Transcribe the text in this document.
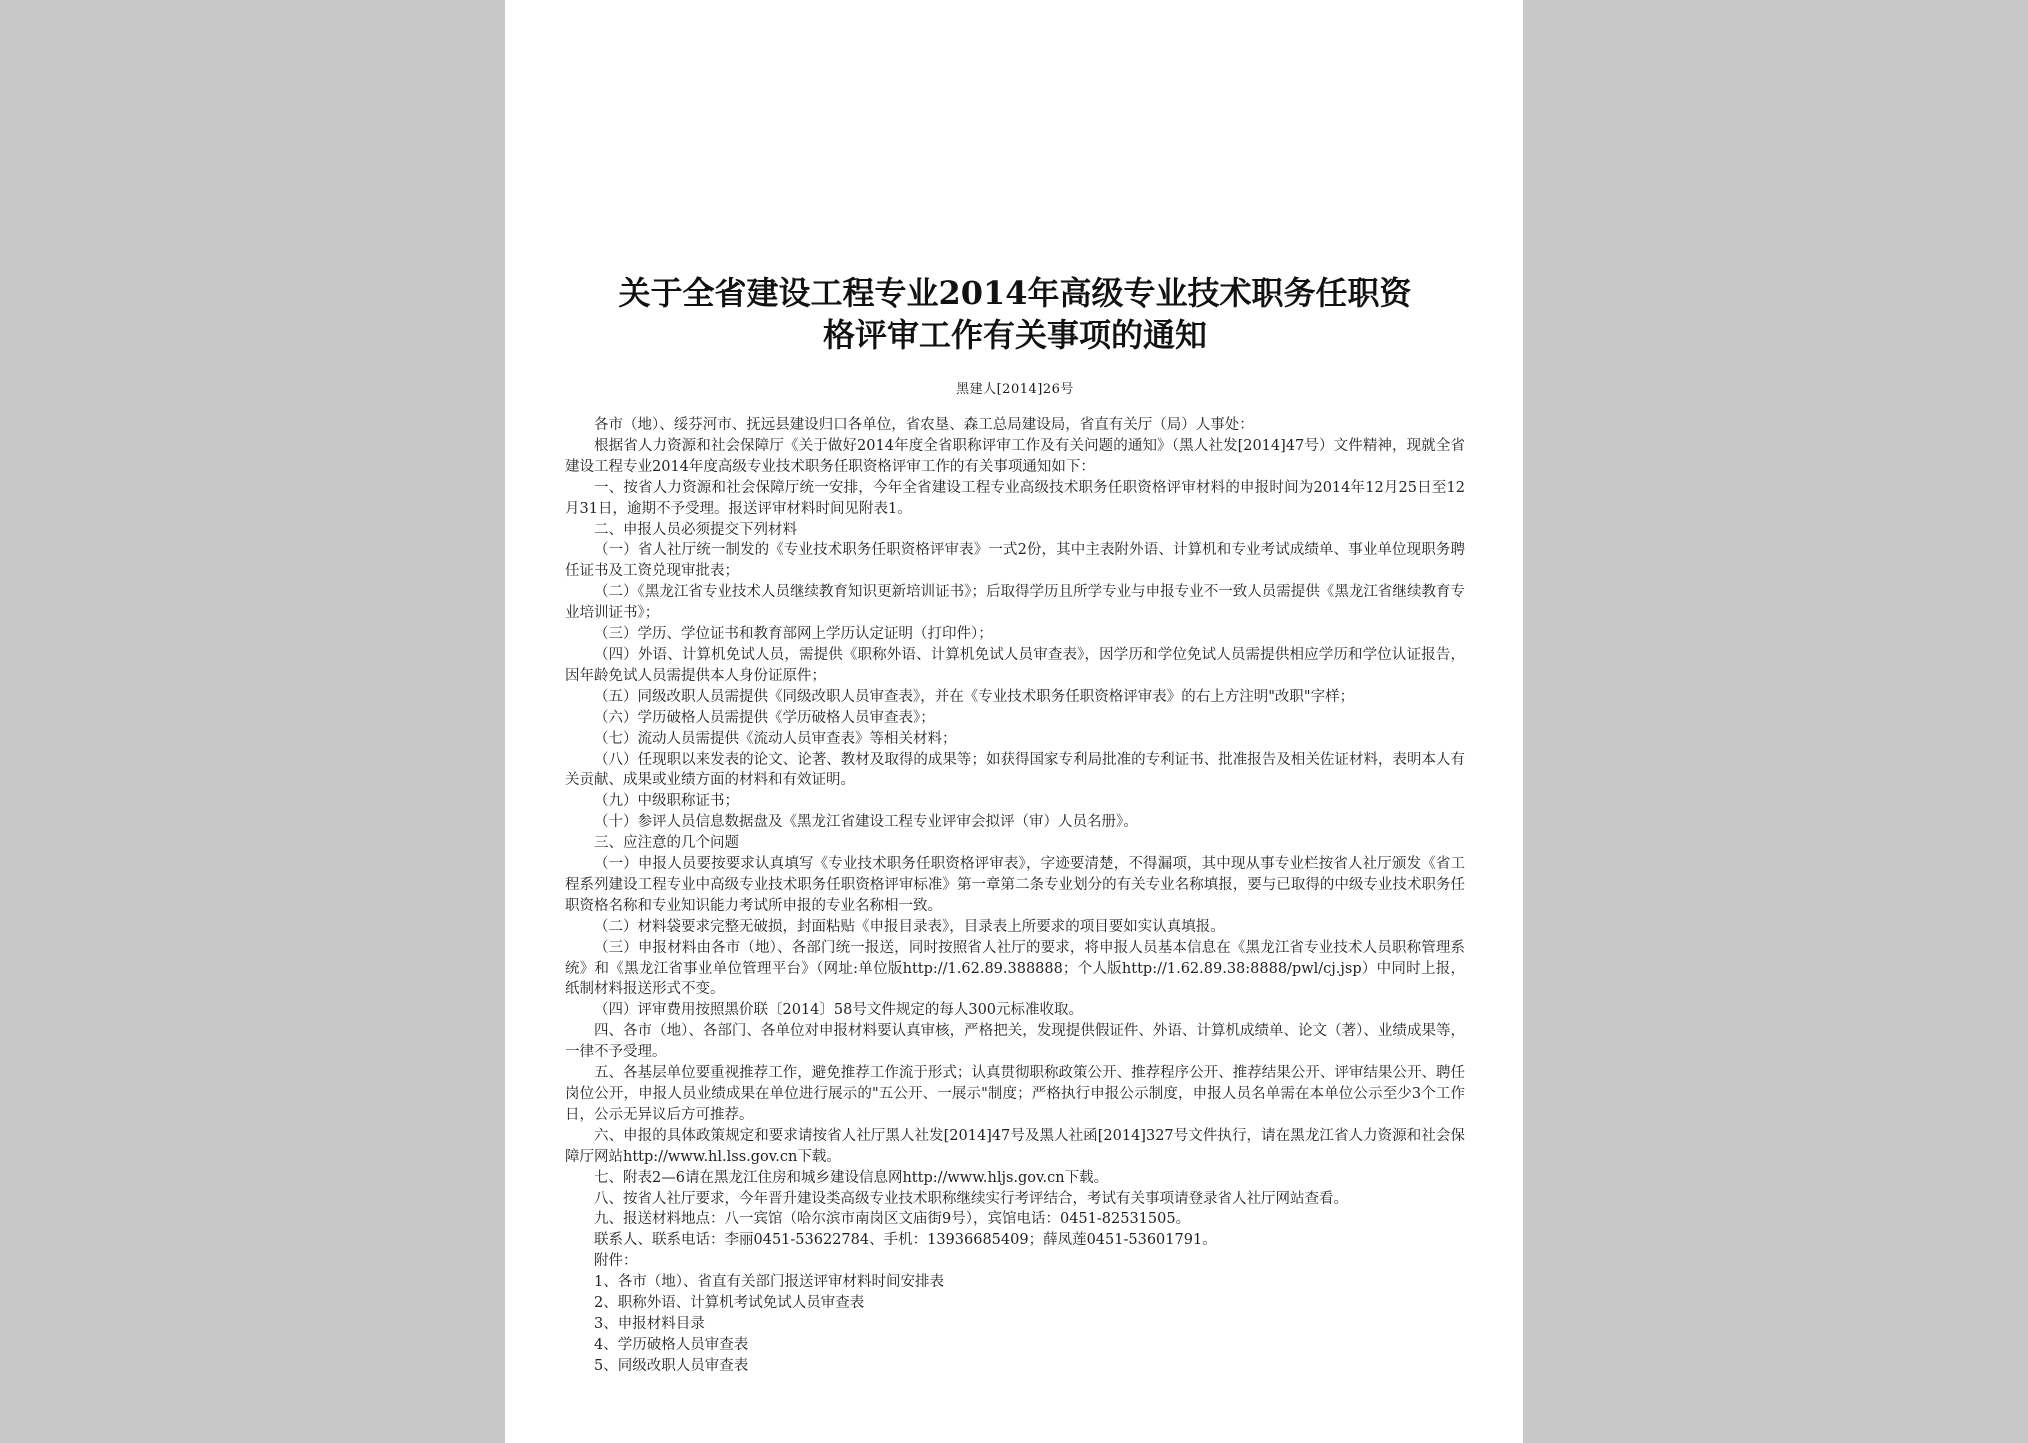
关于全省建设工程专业2014年高级专业技术职务任职资
格评审工作有关事项的通知
黑建人[2014]26号

各市（地）、绥芬河市、抚远县建设归口各单位，省农垦、森工总局建设局，省直有关厅（局）人事处：

根据省人力资源和社会保障厅《关于做好2014年度全省职称评审工作及有关问题的通知》（黑人社发[2014]47号）文件精神，现就全省建设工程专业2014年度高级专业技术职务任职资格评审工作的有关事项通知如下：

一、按省人力资源和社会保障厅统一安排，今年全省建设工程专业高级技术职务任职资格评审材料的申报时间为2014年12月25日至12月31日，逾期不予受理。报送评审材料时间见附表1。

二、申报人员必须提交下列材料

（一）省人社厅统一制发的《专业技术职务任职资格评审表》一式2份，其中主表附外语、计算机和专业考试成绩单、事业单位现职务聘任证书及工资兑现审批表；

（二）《黑龙江省专业技术人员继续教育知识更新培训证书》；后取得学历且所学专业与申报专业不一致人员需提供《黑龙江省继续教育专业培训证书》；

（三）学历、学位证书和教育部网上学历认定证明（打印件）；

（四）外语、计算机免试人员，需提供《职称外语、计算机免试人员审查表》，因学历和学位免试人员需提供相应学历和学位认证报告，因年龄免试人员需提供本人身份证原件；

（五）同级改职人员需提供《同级改职人员审查表》，并在《专业技术职务任职资格评审表》的右上方注明"改职"字样；

（六）学历破格人员需提供《学历破格人员审查表》；

（七）流动人员需提供《流动人员审查表》等相关材料；

（八）任现职以来发表的论文、论著、教材及取得的成果等；如获得国家专利局批准的专利证书、批准报告及相关佐证材料，表明本人有关贡献、成果或业绩方面的材料和有效证明。

（九）中级职称证书；

（十）参评人员信息数据盘及《黑龙江省建设工程专业评审会拟评（审）人员名册》。

三、应注意的几个问题

（一）申报人员要按要求认真填写《专业技术职务任职资格评审表》，字迹要清楚，不得漏项，其中现从事专业栏按省人社厅颁发《省工程系列建设工程专业中高级专业技术职务任职资格评审标准》第一章第二条专业划分的有关专业名称填报，要与已取得的中级专业技术职务任职资格名称和专业知识能力考试所申报的专业名称相一致。

（二）材料袋要求完整无破损，封面粘贴《申报目录表》，目录表上所要求的项目要如实认真填报。

（三）申报材料由各市（地）、各部门统一报送，同时按照省人社厅的要求，将申报人员基本信息在《黑龙江省专业技术人员职称管理系统》和《黑龙江省事业单位管理平台》（网址:单位版http://1.62.89.388888；个人版http://1.62.89.38:8888/pwl/cj.jsp）中同时上报，纸制材料报送形式不变。

（四）评审费用按照黑价联〔2014〕58号文件规定的每人300元标准收取。

四、各市（地）、各部门、各单位对申报材料要认真审核，严格把关，发现提供假证件、外语、计算机成绩单、论文（著）、业绩成果等，一律不予受理。

五、各基层单位要重视推荐工作，避免推荐工作流于形式；认真贯彻职称政策公开、推荐程序公开、推荐结果公开、评审结果公开、聘任岗位公开，申报人员业绩成果在单位进行展示的"五公开、一展示"制度；严格执行申报公示制度，申报人员名单需在本单位公示至少3个工作日，公示无异议后方可推荐。

六、申报的具体政策规定和要求请按省人社厅黑人社发[2014]47号及黑人社函[2014]327号文件执行，请在黑龙江省人力资源和社会保障厅网站http://www.hl.lss.gov.cn下载。

七、附表2—6请在黑龙江住房和城乡建设信息网http://www.hljs.gov.cn下载。

八、按省人社厅要求，今年晋升建设类高级专业技术职称继续实行考评结合，考试有关事项请登录省人社厅网站查看。

九、报送材料地点：八一宾馆（哈尔滨市南岗区文庙街9号），宾馆电话：0451-82531505。

联系人、联系电话：李丽0451-53622784、手机：13936685409；薛凤莲0451-53601791。

附件：

1、各市（地）、省直有关部门报送评审材料时间安排表

2、职称外语、计算机考试免试人员审查表

3、申报材料目录

4、学历破格人员审查表

5、同级改职人员审查表
